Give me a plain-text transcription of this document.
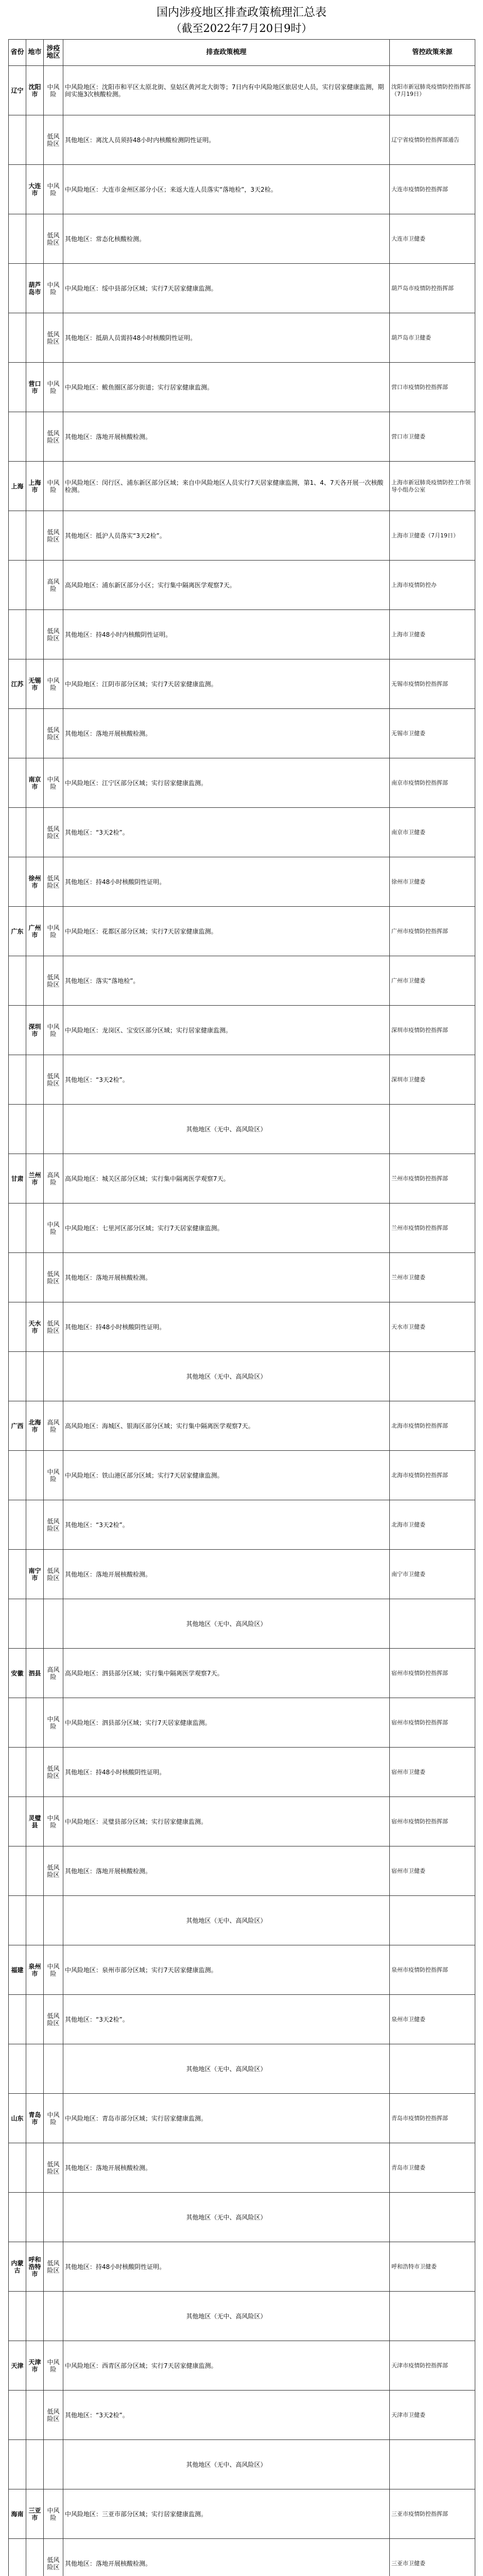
国内涉疫地区排查政策梳理汇总表
（截至2022年7月20日9时）
省份	地市	涉疫地区	排查政策梳理	管控政策来源
辽宁	沈阳市	中风险	中风险地区：沈阳市和平区太原北街、皇姑区黄河北大街等；7日内有中风险地区旅居史人员，实行居家健康监测，期间实施3次核酸检测。	沈阳市新冠肺炎疫情防控指挥部（7月19日）
		低风险区	其他地区：离沈人员须持48小时内核酸检测阴性证明。	辽宁省疫情防控指挥部通告
	大连市	中风险	中风险地区：大连市金州区部分小区；来返大连人员落实“落地检”，3天2检。	大连市疫情防控指挥部
		低风险区	其他地区：常态化核酸检测。	大连市卫健委
	葫芦岛市	中风险	中风险地区：绥中县部分区域；实行7天居家健康监测。	葫芦岛市疫情防控指挥部
		低风险区	其他地区：抵葫人员需持48小时核酸阴性证明。	葫芦岛市卫健委
	营口市	中风险	中风险地区：鲅鱼圈区部分街道；实行居家健康监测。	营口市疫情防控指挥部
		低风险区	其他地区：落地开展核酸检测。	营口市卫健委
上海	上海市	中风险	中风险地区：闵行区、浦东新区部分区域；来自中风险地区人员实行7天居家健康监测，第1、4、7天各开展一次核酸检测。	上海市新冠肺炎疫情防控工作领导小组办公室
		低风险区	其他地区：抵沪人员落实“3天2检”。	上海市卫健委（7月19日）
		高风险	高风险地区：浦东新区部分小区；实行集中隔离医学观察7天。	上海市疫情防控办
		低风险区	其他地区：持48小时内核酸阴性证明。	上海市卫健委
江苏	无锡市	中风险	中风险地区：江阴市部分区域；实行7天居家健康监测。	无锡市疫情防控指挥部
		低风险区	其他地区：落地开展核酸检测。	无锡市卫健委
	南京市	中风险	中风险地区：江宁区部分区域；实行居家健康监测。	南京市疫情防控指挥部
		低风险区	其他地区：“3天2检”。	南京市卫健委
	徐州市	低风险区	其他地区：持48小时核酸阴性证明。	徐州市卫健委
广东	广州市	中风险	中风险地区：花都区部分区域；实行7天居家健康监测。	广州市疫情防控指挥部
		低风险区	其他地区：落实“落地检”。	广州市卫健委
	深圳市	中风险	中风险地区：龙岗区、宝安区部分区域；实行居家健康监测。	深圳市疫情防控指挥部
		低风险区	其他地区：“3天2检”。	深圳市卫健委
			其他地区（无中、高风险区）	
甘肃	兰州市	高风险	高风险地区：城关区部分区域；实行集中隔离医学观察7天。	兰州市疫情防控指挥部
		中风险	中风险地区：七里河区部分区域；实行7天居家健康监测。	兰州市疫情防控指挥部
		低风险区	其他地区：落地开展核酸检测。	兰州市卫健委
	天水市	低风险区	其他地区：持48小时核酸阴性证明。	天水市卫健委
			其他地区（无中、高风险区）	
广西	北海市	高风险	高风险地区：海城区、银海区部分区域；实行集中隔离医学观察7天。	北海市疫情防控指挥部
		中风险	中风险地区：铁山港区部分区域；实行7天居家健康监测。	北海市疫情防控指挥部
		低风险区	其他地区：“3天2检”。	北海市卫健委
	南宁市	低风险区	其他地区：落地开展核酸检测。	南宁市卫健委
			其他地区（无中、高风险区）	
安徽	泗县	高风险	高风险地区：泗县部分区域；实行集中隔离医学观察7天。	宿州市疫情防控指挥部
		中风险	中风险地区：泗县部分区域；实行7天居家健康监测。	宿州市疫情防控指挥部
		低风险区	其他地区：持48小时核酸阴性证明。	宿州市卫健委
	灵璧县	中风险	中风险地区：灵璧县部分区域；实行居家健康监测。	宿州市疫情防控指挥部
		低风险区	其他地区：落地开展核酸检测。	宿州市卫健委
			其他地区（无中、高风险区）	
福建	泉州市	中风险	中风险地区：泉州市部分区域；实行7天居家健康监测。	泉州市疫情防控指挥部
		低风险区	其他地区：“3天2检”。	泉州市卫健委
			其他地区（无中、高风险区）	
山东	青岛市	中风险	中风险地区：青岛市部分区域；实行居家健康监测。	青岛市疫情防控指挥部
		低风险区	其他地区：落地开展核酸检测。	青岛市卫健委
			其他地区（无中、高风险区）	
内蒙古	呼和浩特市	低风险区	其他地区：持48小时核酸阴性证明。	呼和浩特市卫健委
			其他地区（无中、高风险区）	
天津	天津市	中风险	中风险地区：西青区部分区域；实行7天居家健康监测。	天津市疫情防控指挥部
		低风险区	其他地区：“3天2检”。	天津市卫健委
			其他地区（无中、高风险区）	
海南	三亚市	中风险	中风险地区：三亚市部分区域；实行居家健康监测。	三亚市疫情防控指挥部
		低风险区	其他地区：落地开展核酸检测。	三亚市卫健委
